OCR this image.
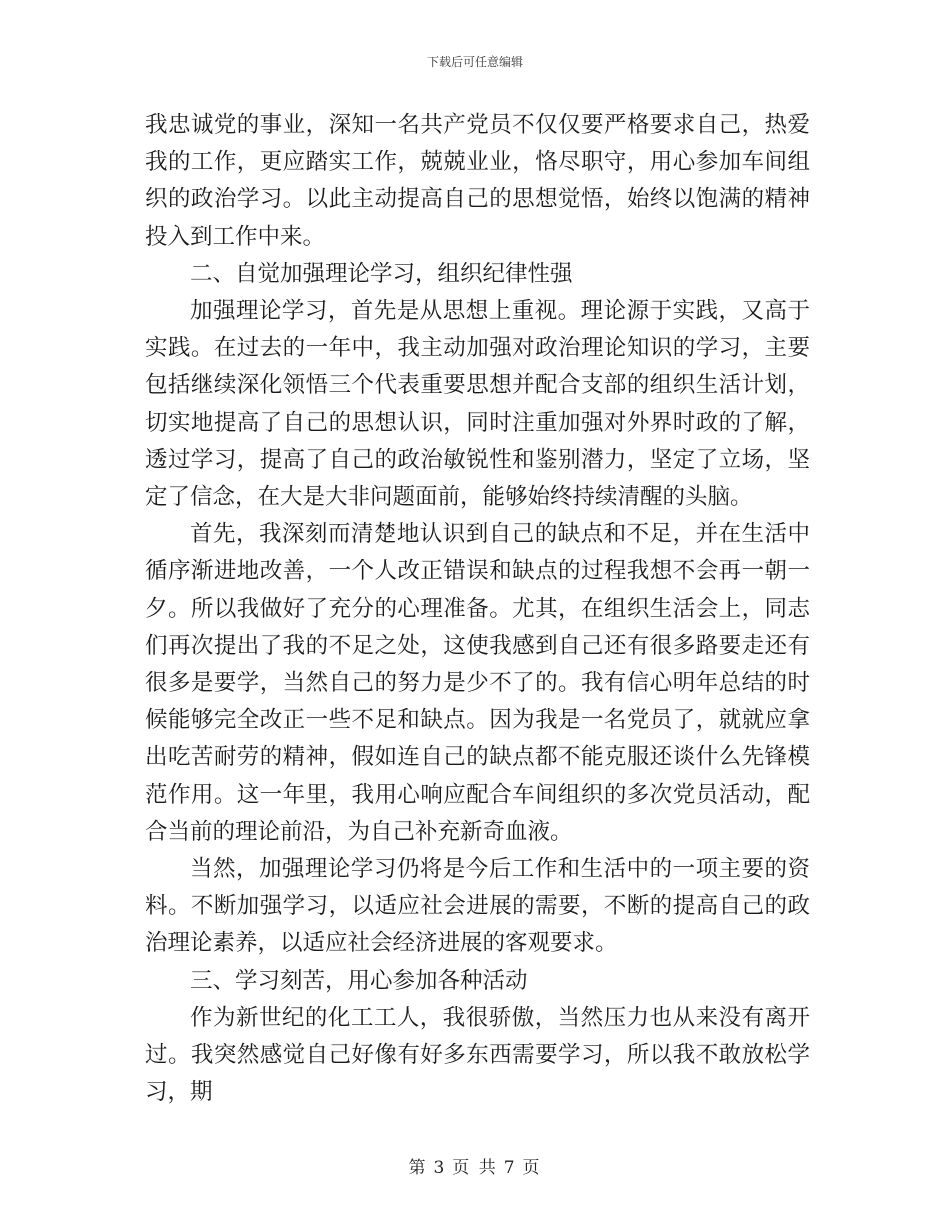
下载后可任意编辑

我忠诚党的事业，深知一名共产党员不仅仅要严格要求自己，热爱我的工作，更应踏实工作，兢兢业业，恪尽职守，用心参加车间组织的政治学习。以此主动提高自己的思想觉悟，始终以饱满的精神投入到工作中来。

二、自觉加强理论学习，组织纪律性强

加强理论学习，首先是从思想上重视。理论源于实践，又高于实践。在过去的一年中，我主动加强对政治理论知识的学习，主要包括继续深化领悟三个代表重要思想并配合支部的组织生活计划，切实地提高了自己的思想认识，同时注重加强对外界时政的了解，透过学习，提高了自己的政治敏锐性和鉴别潜力，坚定了立场，坚定了信念，在大是大非问题面前，能够始终持续清醒的头脑。

首先，我深刻而清楚地认识到自己的缺点和不足，并在生活中循序渐进地改善，一个人改正错误和缺点的过程我想不会再一朝一夕。所以我做好了充分的心理准备。尤其，在组织生活会上，同志们再次提出了我的不足之处，这使我感到自己还有很多路要走还有很多是要学，当然自己的努力是少不了的。我有信心明年总结的时候能够完全改正一些不足和缺点。因为我是一名党员了，就就应拿出吃苦耐劳的精神，假如连自己的缺点都不能克服还谈什么先锋模范作用。这一年里，我用心响应配合车间组织的多次党员活动，配合当前的理论前沿，为自己补充新奇血液。

当然，加强理论学习仍将是今后工作和生活中的一项主要的资料。不断加强学习，以适应社会进展的需要，不断的提高自己的政治理论素养，以适应社会经济进展的客观要求。

三、学习刻苦，用心参加各种活动

作为新世纪的化工工人，我很骄傲，当然压力也从来没有离开过。我突然感觉自己好像有好多东西需要学习，所以我不敢放松学习，期

第 3 页 共 7 页
